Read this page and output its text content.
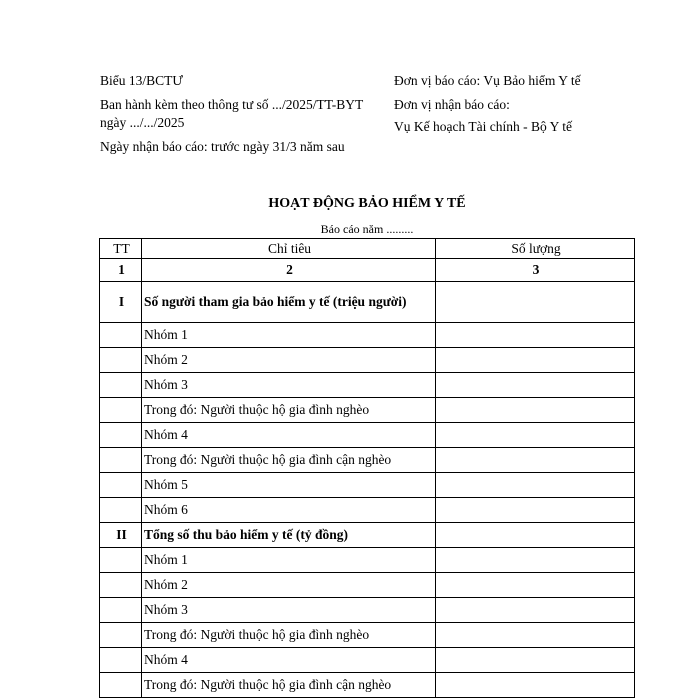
Biểu 13/BCTƯ

Ban hành kèm theo thông tư số .../2025/TT-BYT ngày .../.../2025

Ngày nhận báo cáo: trước ngày 31/3 năm sau

Đơn vị báo cáo: Vụ Bảo hiểm Y tế

Đơn vị nhận báo cáo:

Vụ Kế hoạch Tài chính - Bộ Y tế

HOẠT ĐỘNG BẢO HIỂM Y TẾ
Báo cáo năm .........
TT	Chỉ tiêu	Số lượng
1	2	3
I	Số người tham gia bảo hiểm y tế (triệu người)	
	Nhóm 1	
	Nhóm 2	
	Nhóm 3	
	Trong đó: Người thuộc hộ gia đình nghèo	
	Nhóm 4	
	Trong đó: Người thuộc hộ gia đình cận nghèo	
	Nhóm 5	
	Nhóm 6	
II	Tổng số thu bảo hiểm y tế (tỷ đồng)	
	Nhóm 1	
	Nhóm 2	
	Nhóm 3	
	Trong đó: Người thuộc hộ gia đình nghèo	
	Nhóm 4	
	Trong đó: Người thuộc hộ gia đình cận nghèo	
